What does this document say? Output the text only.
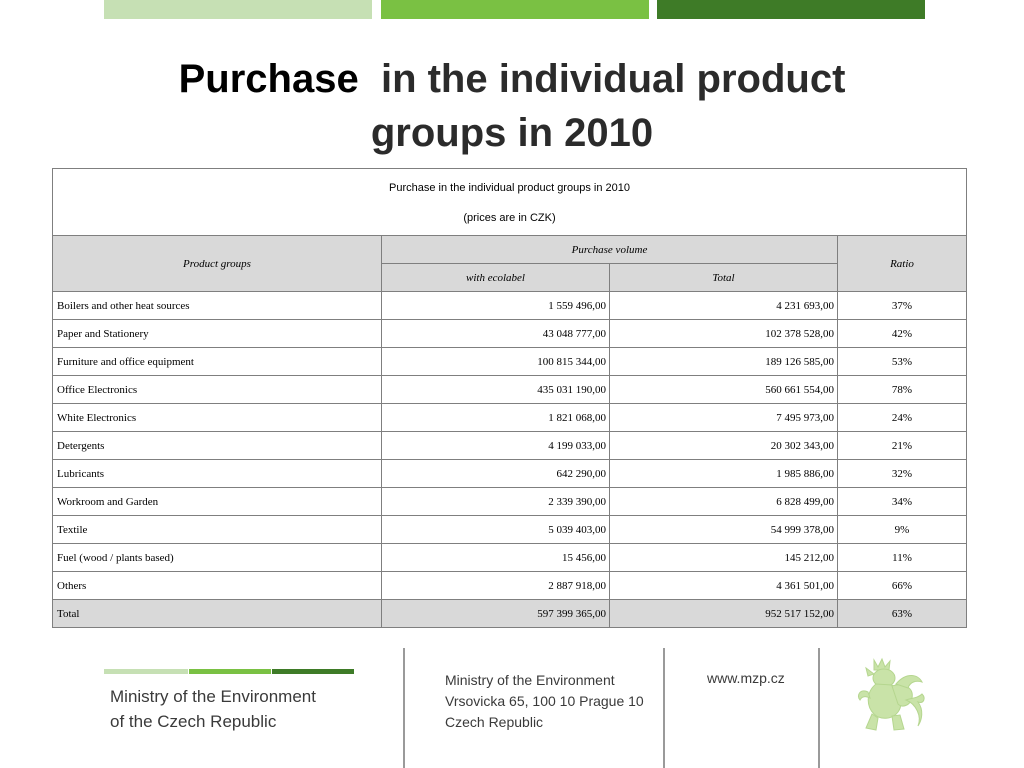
Purchase in the individual product
groups in 2010
Purchase in the individual product groups in 2010
(prices are in CZK)			

Product groups	Purchase volume		Ratio
	with ecolabel	Total	
Boilers and other heat sources	1 559 496,00	4 231 693,00	37%
Paper and Stationery	43 048 777,00	102 378 528,00	42%
Furniture and office equipment	100 815 344,00	189 126 585,00	53%
Office Electronics	435 031 190,00	560 661 554,00	78%
White Electronics	1 821 068,00	7 495 973,00	24%
Detergents	4 199 033,00	20 302 343,00	21%
Lubricants	642 290,00	1 985 886,00	32%
Workroom and Garden	2 339 390,00	6 828 499,00	34%
Textile	5 039 403,00	54 999 378,00	9%
Fuel (wood / plants based)	15 456,00	145 212,00	11%
Others	2 887 918,00	4 361 501,00	66%
Total	597 399 365,00	952 517 152,00	63%
Ministry of the Environment
of the Czech Republic
Ministry of the Environment
Vrsovicka 65, 100 10 Prague 10
Czech Republic
www.mzp.cz
